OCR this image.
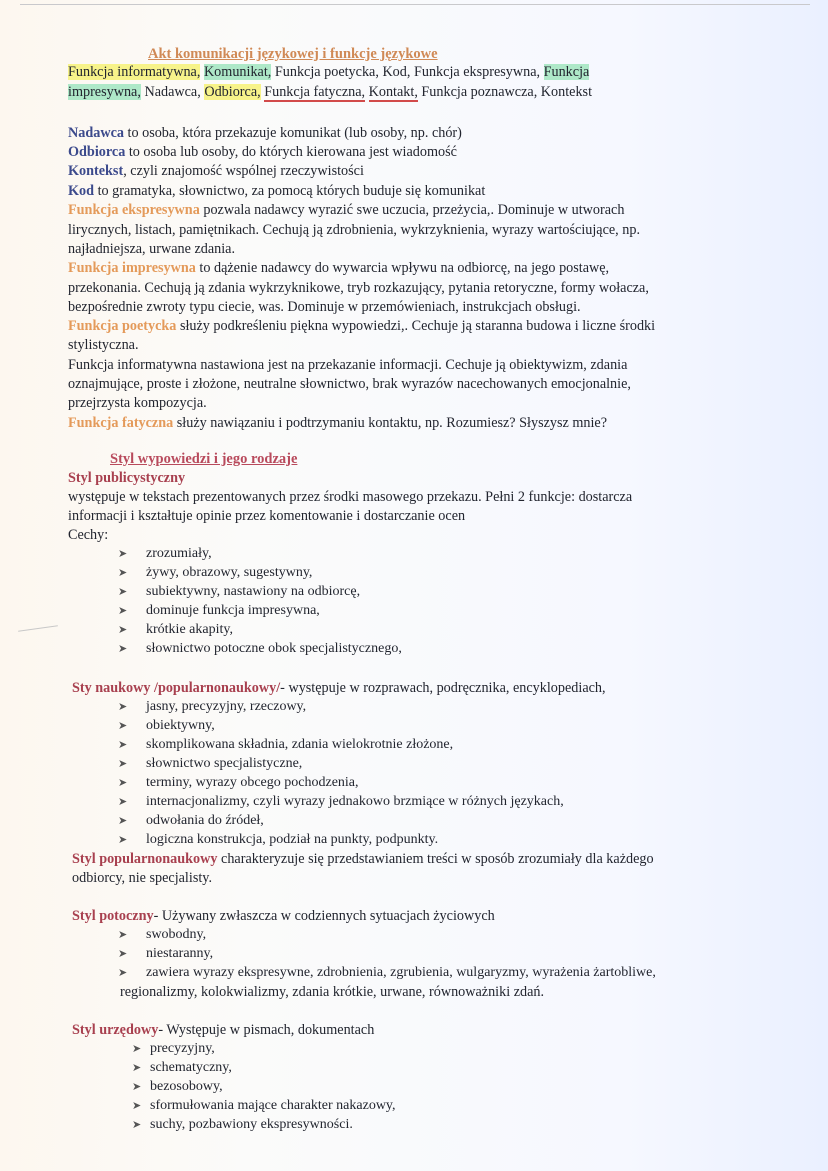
Akt komunikacji językowej i funkcje językowe
Funkcja informatywna, Komunikat, Funkcja poetycka, Kod, Funkcja ekspresywna, Funkcja
impresywna, Nadawca, Odbiorca, Funkcja fatyczna, Kontakt, Funkcja poznawcza, Kontekst
Nadawca to osoba, która przekazuje komunikat (lub osoby, np. chór)
Odbiorca to osoba lub osoby, do których kierowana jest wiadomość
Kontekst, czyli znajomość wspólnej rzeczywistości
Kod to gramatyka, słownictwo, za pomocą których buduje się komunikat
Funkcja ekspresywna pozwala nadawcy wyrazić swe uczucia, przeżycia,. Dominuje w utworach
lirycznych, listach, pamiętnikach. Cechują ją zdrobnienia, wykrzyknienia, wyrazy wartościujące, np.
najładniejsza, urwane zdania.
Funkcja impresywna to dążenie nadawcy do wywarcia wpływu na odbiorcę, na jego postawę,
przekonania. Cechują ją zdania wykrzyknikowe, tryb rozkazujący, pytania retoryczne, formy wołacza,
bezpośrednie zwroty typu ciecie, was. Dominuje w przemówieniach, instrukcjach obsługi.
Funkcja poetycka służy podkreśleniu piękna wypowiedzi,. Cechuje ją staranna budowa i liczne środki
stylistyczna.
Funkcja informatywna nastawiona jest na przekazanie informacji. Cechuje ją obiektywizm, zdania
oznajmujące, proste i złożone, neutralne słownictwo, brak wyrazów nacechowanych emocjonalnie,
przejrzysta kompozycja.
Funkcja fatyczna służy nawiązaniu i podtrzymaniu kontaktu, np. Rozumiesz? Słyszysz mnie?
Styl wypowiedzi i jego rodzaje
Styl publicystyczny
występuje w tekstach prezentowanych przez środki masowego przekazu. Pełni 2 funkcje: dostarcza
informacji i kształtuje opinie przez komentowanie i dostarczanie ocen
Cechy:
➤ zrozumiały,
➤ żywy, obrazowy, sugestywny,
➤ subiektywny, nastawiony na odbiorcę,
➤ dominuje funkcja impresywna,
➤ krótkie akapity,
➤ słownictwo potoczne obok specjalistycznego,
Sty naukowy /popularnonaukowy/- występuje w rozprawach, podręcznika, encyklopediach,
➤ jasny, precyzyjny, rzeczowy,
➤ obiektywny,
➤ skomplikowana składnia, zdania wielokrotnie złożone,
➤ słownictwo specjalistyczne,
➤ terminy, wyrazy obcego pochodzenia,
➤ internacjonalizmy, czyli wyrazy jednakowo brzmiące w różnych językach,
➤ odwołania do źródeł,
➤ logiczna konstrukcja, podział na punkty, podpunkty.
Styl popularnonaukowy charakteryzuje się przedstawianiem treści w sposób zrozumiały dla każdego
odbiorcy, nie specjalisty.
Styl potoczny- Używany zwłaszcza w codziennych sytuacjach życiowych
➤ swobodny,
➤ niestaranny,
➤ zawiera wyrazy ekspresywne, zdrobnienia, zgrubienia, wulgaryzmy, wyrażenia żartobliwe,
regionalizmy, kolokwializmy, zdania krótkie, urwane, równoważniki zdań.
Styl urzędowy- Występuje w pismach, dokumentach
➤ precyzyjny,
➤ schematyczny,
➤ bezosobowy,
➤ sformułowania mające charakter nakazowy,
➤ suchy, pozbawiony ekspresywności.
